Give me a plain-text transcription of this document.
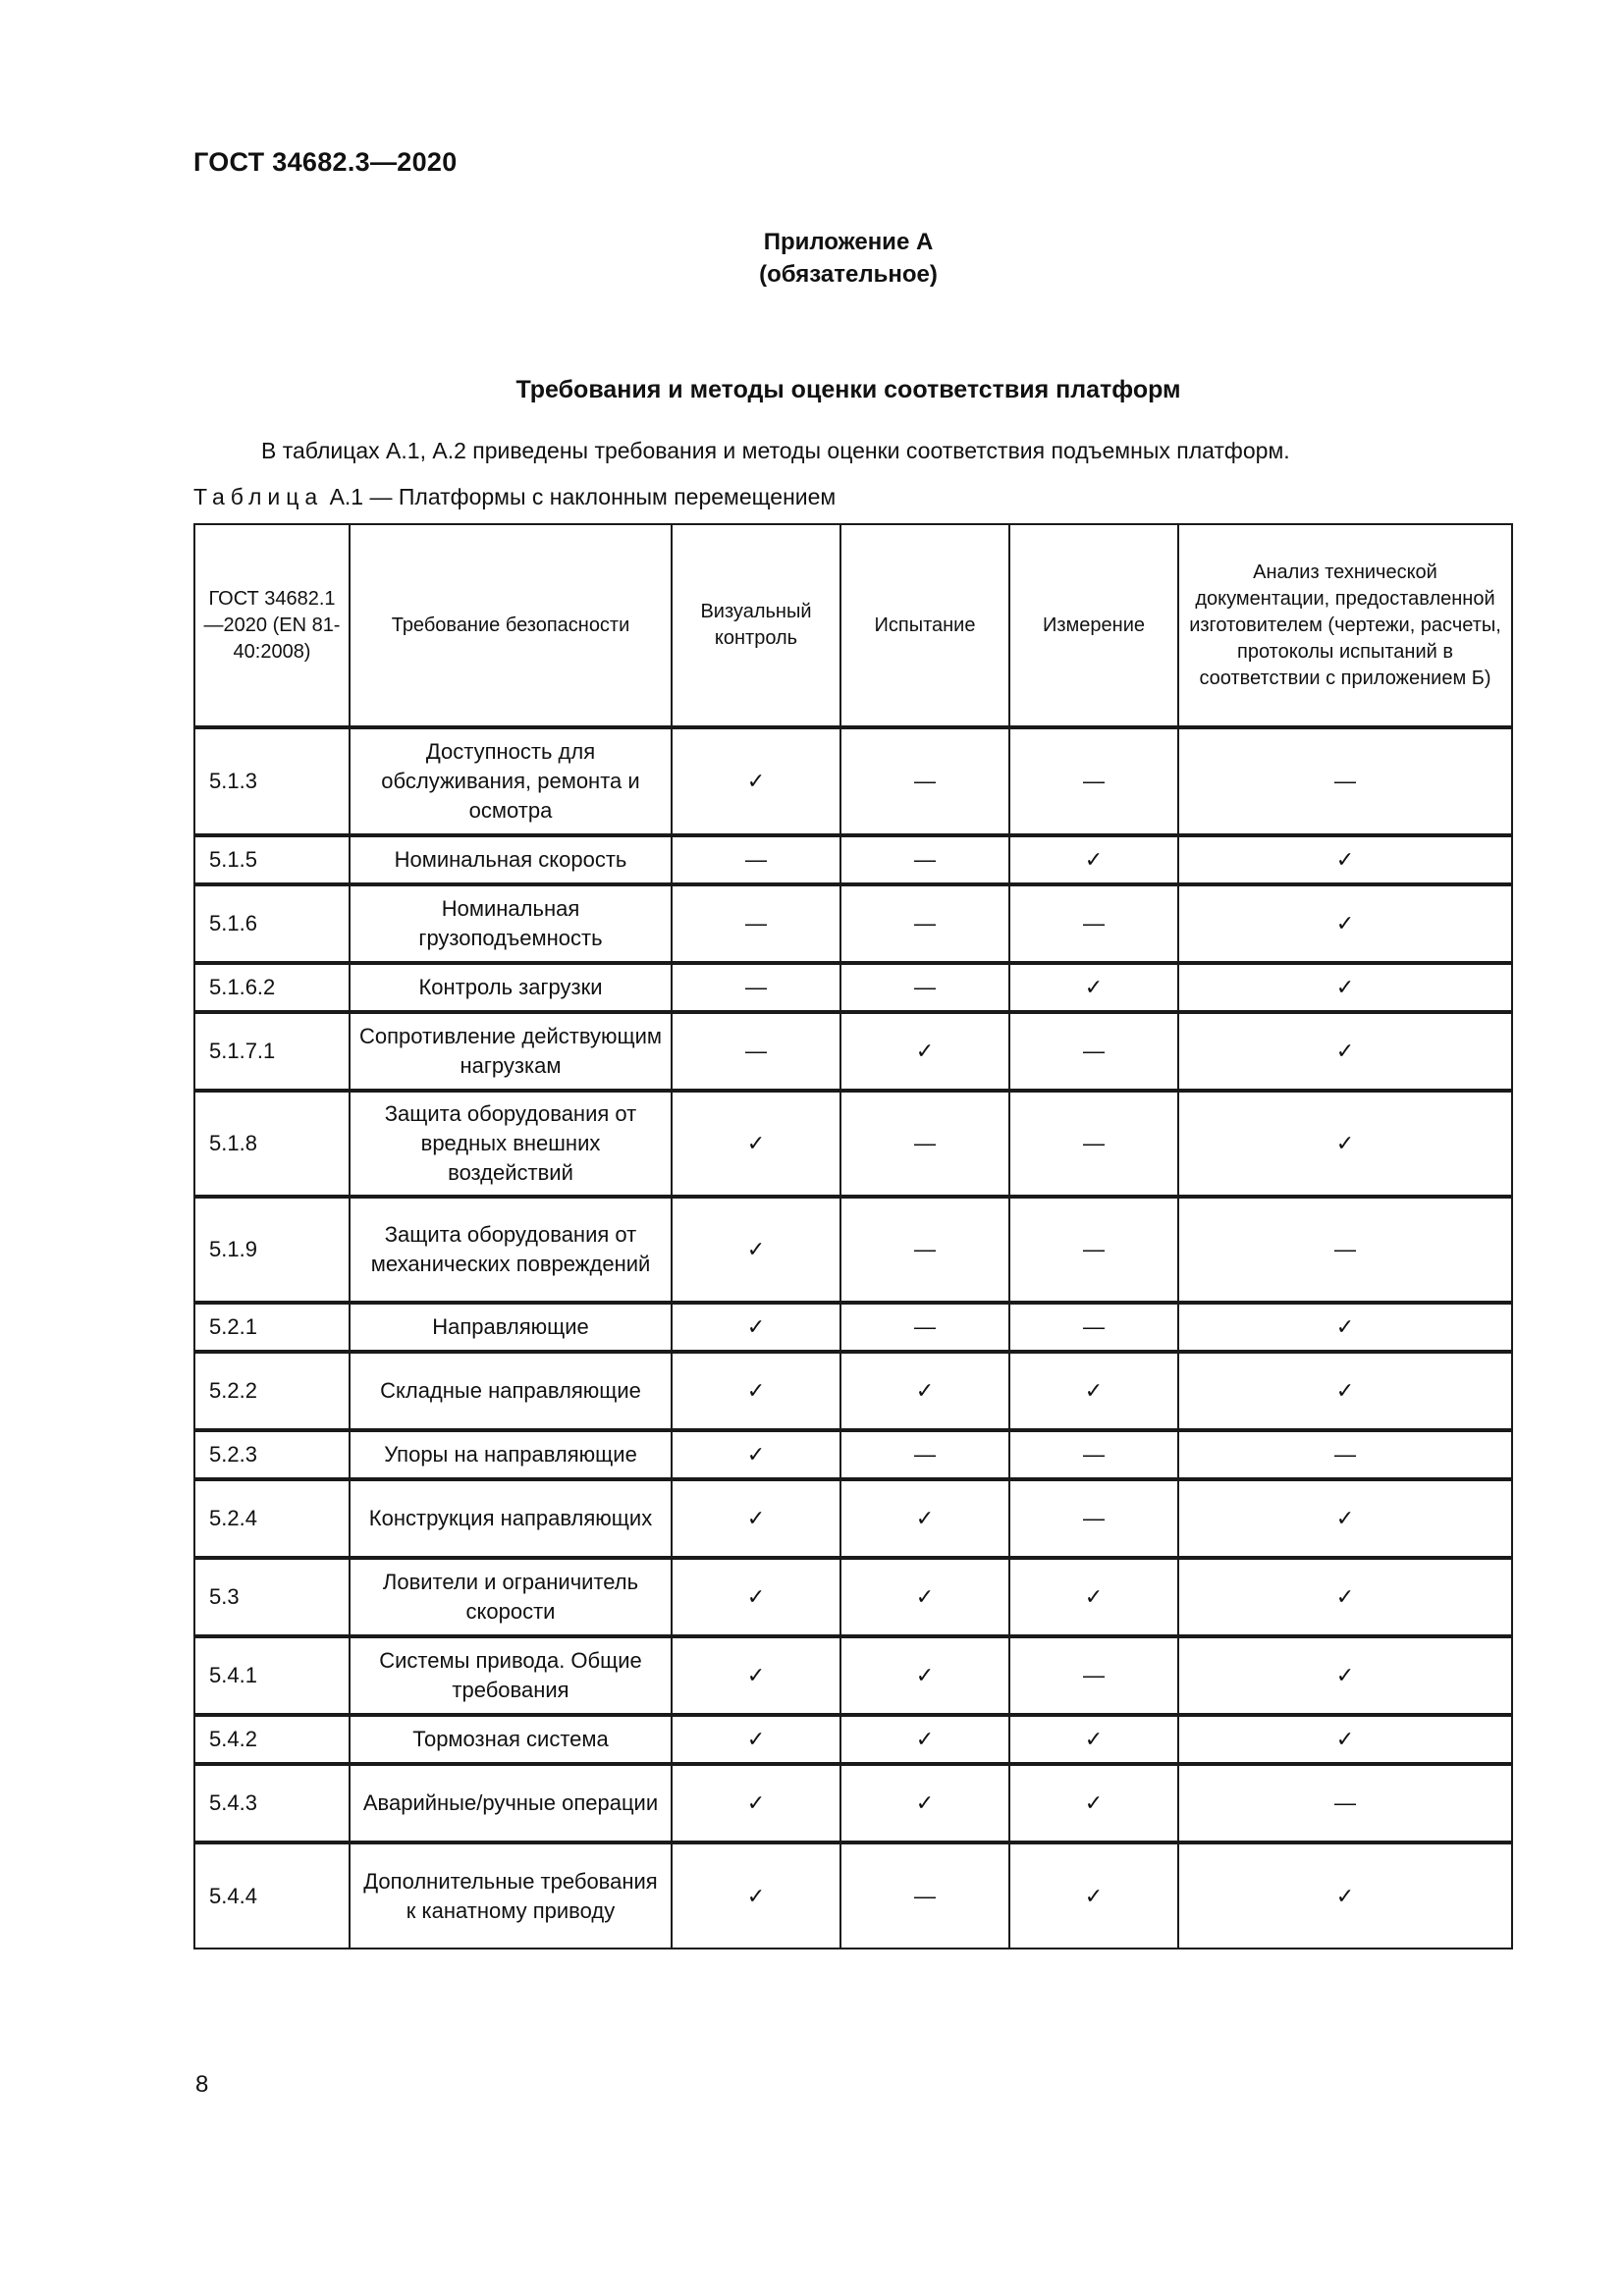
ГОСТ 34682.3—2020
Приложение А
(обязательное)
Требования и методы оценки соответствия платформ
В таблицах А.1, А.2 приведены требования и методы оценки соответствия подъемных платформ.
Таблица А.1 — Платформы с наклонным перемещением
ГОСТ 34682.1—2020 (EN 81-40:2008)	Требование безопасности	Визуальный контроль	Испытание	Измерение	Анализ технической документации, предоставленной изготовителем (чертежи, расчеты, протоколы испытаний в соответствии с приложением Б)
5.1.3	Доступность для обслуживания, ремонта и осмотра	✓	—	—	—
5.1.5	Номинальная скорость	—	—	✓	✓
5.1.6	Номинальная грузоподъемность	—	—	—	✓
5.1.6.2	Контроль загрузки	—	—	✓	✓
5.1.7.1	Сопротивление действующим нагрузкам	—	✓	—	✓
5.1.8	Защита оборудования от вредных внешних воздействий	✓	—	—	✓
5.1.9	Защита оборудования от механических повреждений	✓	—	—	—
5.2.1	Направляющие	✓	—	—	✓
5.2.2	Складные направляющие	✓	✓	✓	✓
5.2.3	Упоры на направляющие	✓	—	—	—
5.2.4	Конструкция направляющих	✓	✓	—	✓
5.3	Ловители и ограничитель скорости	✓	✓	✓	✓
5.4.1	Системы привода. Общие требования	✓	✓	—	✓
5.4.2	Тормозная система	✓	✓	✓	✓
5.4.3	Аварийные/ручные операции	✓	✓	✓	—
5.4.4	Дополнительные требования к канатному приводу	✓	—	✓	✓
8
